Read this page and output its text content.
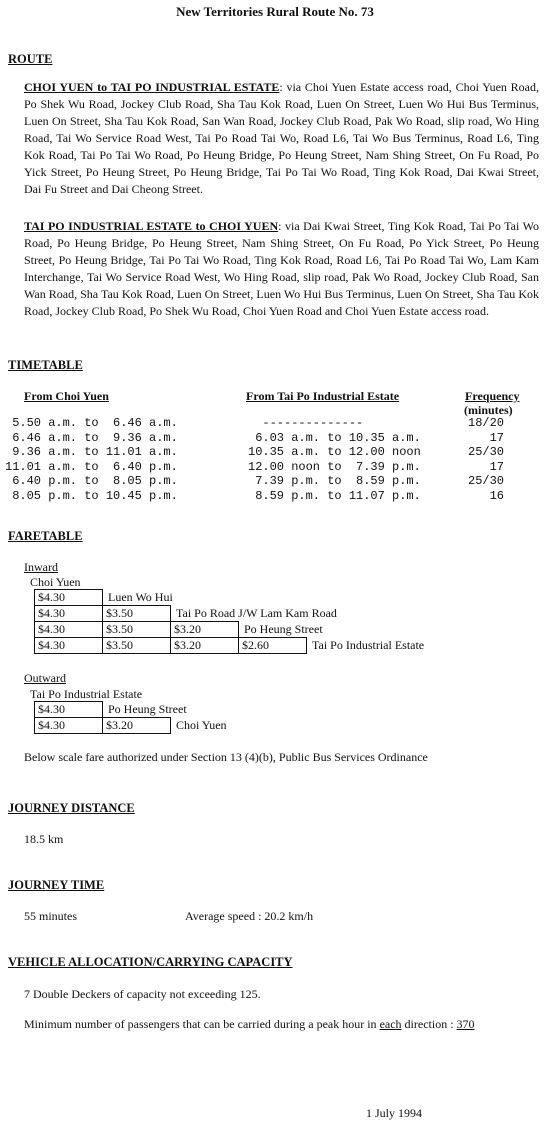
New Territories Rural Route No. 73
ROUTE
CHOI YUEN to TAI PO INDUSTRIAL ESTATE: via Choi Yuen Estate access road, Choi Yuen Road, Po Shek Wu Road, Jockey Club Road, Sha Tau Kok Road, Luen On Street, Luen Wo Hui Bus Terminus, Luen On Street, Sha Tau Kok Road, San Wan Road, Jockey Club Road, Pak Wo Road, slip road, Wo Hing Road, Tai Wo Service Road West, Tai Po Road Tai Wo, Road L6, Tai Wo Bus Terminus, Road L6, Ting Kok Road, Tai Po Tai Wo Road, Po Heung Bridge, Po Heung Street, Nam Shing Street, On Fu Road, Po Yick Street, Po Heung Street, Po Heung Bridge, Tai Po Tai Wo Road, Ting Kok Road, Dai Kwai Street, Dai Fu Street and Dai Cheong Street.
TAI PO INDUSTRIAL ESTATE to CHOI YUEN: via Dai Kwai Street, Ting Kok Road, Tai Po Tai Wo Road, Po Heung Bridge, Po Heung Street, Nam Shing Street, On Fu Road, Po Yick Street, Po Heung Street, Po Heung Bridge, Tai Po Tai Wo Road, Ting Kok Road, Road L6, Tai Po Road Tai Wo, Lam Kam Interchange, Tai Wo Service Road West, Wo Hing Road, slip road, Pak Wo Road, Jockey Club Road, San Wan Road, Sha Tau Kok Road, Luen On Street, Luen Wo Hui Bus Terminus, Luen On Street, Sha Tau Kok Road, Jockey Club Road, Po Shek Wu Road, Choi Yuen Road and Choi Yuen Estate access road.
TIMETABLE
From Choi Yuen	From Tai Po Industrial Estate	Frequency
(minutes)
5.50 a.m. to  6.46 a.m.	--------------	18/20
6.46 a.m. to  9.36 a.m.	6.03 a.m. to 10.35 a.m.	17
9.36 a.m. to 11.01 a.m.	10.35 a.m. to 12.00 noon	25/30
11.01 a.m. to  6.40 p.m.	12.00 noon to  7.39 p.m.	17
6.40 p.m. to  8.05 p.m.	7.39 p.m. to  8.59 p.m.	25/30
8.05 p.m. to 10.45 p.m.	8.59 p.m. to 11.07 p.m.	16
FARETABLE
Inward
Choi Yuen
$4.30	Luen Wo Hui			
$4.30	$3.50	Tai Po Road J/W Lam Kam Road		
$4.30	$3.50	$3.20	Po Heung Street	
$4.30	$3.50	$3.20	$2.60	Tai Po Industrial Estate
Outward
Tai Po Industrial Estate
$4.30	Po Heung Street	
$4.30	$3.20	Choi Yuen
Below scale fare authorized under Section 13 (4)(b), Public Bus Services Ordinance
JOURNEY DISTANCE
18.5 km
JOURNEY TIME
55 minutes	Average speed : 20.2 km/h
VEHICLE ALLOCATION/CARRYING CAPACITY
7 Double Deckers of capacity not exceeding 125.
Minimum number of passengers that can be carried during a peak hour in each direction : 370
1 July 1994
